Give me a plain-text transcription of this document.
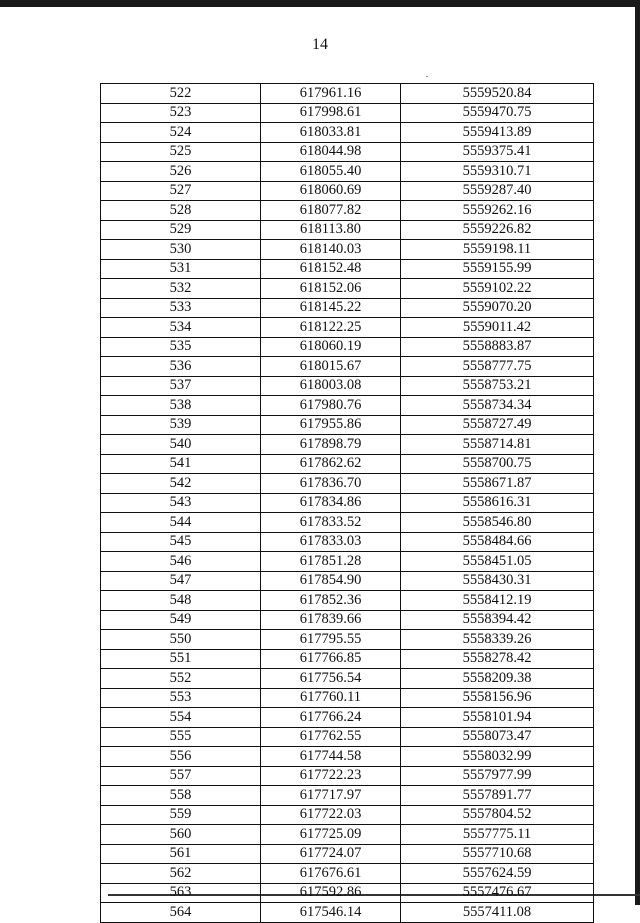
14
522	617961.16	5559520.84
523	617998.61	5559470.75
524	618033.81	5559413.89
525	618044.98	5559375.41
526	618055.40	5559310.71
527	618060.69	5559287.40
528	618077.82	5559262.16
529	618113.80	5559226.82
530	618140.03	5559198.11
531	618152.48	5559155.99
532	618152.06	5559102.22
533	618145.22	5559070.20
534	618122.25	5559011.42
535	618060.19	5558883.87
536	618015.67	5558777.75
537	618003.08	5558753.21
538	617980.76	5558734.34
539	617955.86	5558727.49
540	617898.79	5558714.81
541	617862.62	5558700.75
542	617836.70	5558671.87
543	617834.86	5558616.31
544	617833.52	5558546.80
545	617833.03	5558484.66
546	617851.28	5558451.05
547	617854.90	5558430.31
548	617852.36	5558412.19
549	617839.66	5558394.42
550	617795.55	5558339.26
551	617766.85	5558278.42
552	617756.54	5558209.38
553	617760.11	5558156.96
554	617766.24	5558101.94
555	617762.55	5558073.47
556	617744.58	5558032.99
557	617722.23	5557977.99
558	617717.97	5557891.77
559	617722.03	5557804.52
560	617725.09	5557775.11
561	617724.07	5557710.68
562	617676.61	5557624.59
563	617592.86	5557476.67
564	617546.14	5557411.08
